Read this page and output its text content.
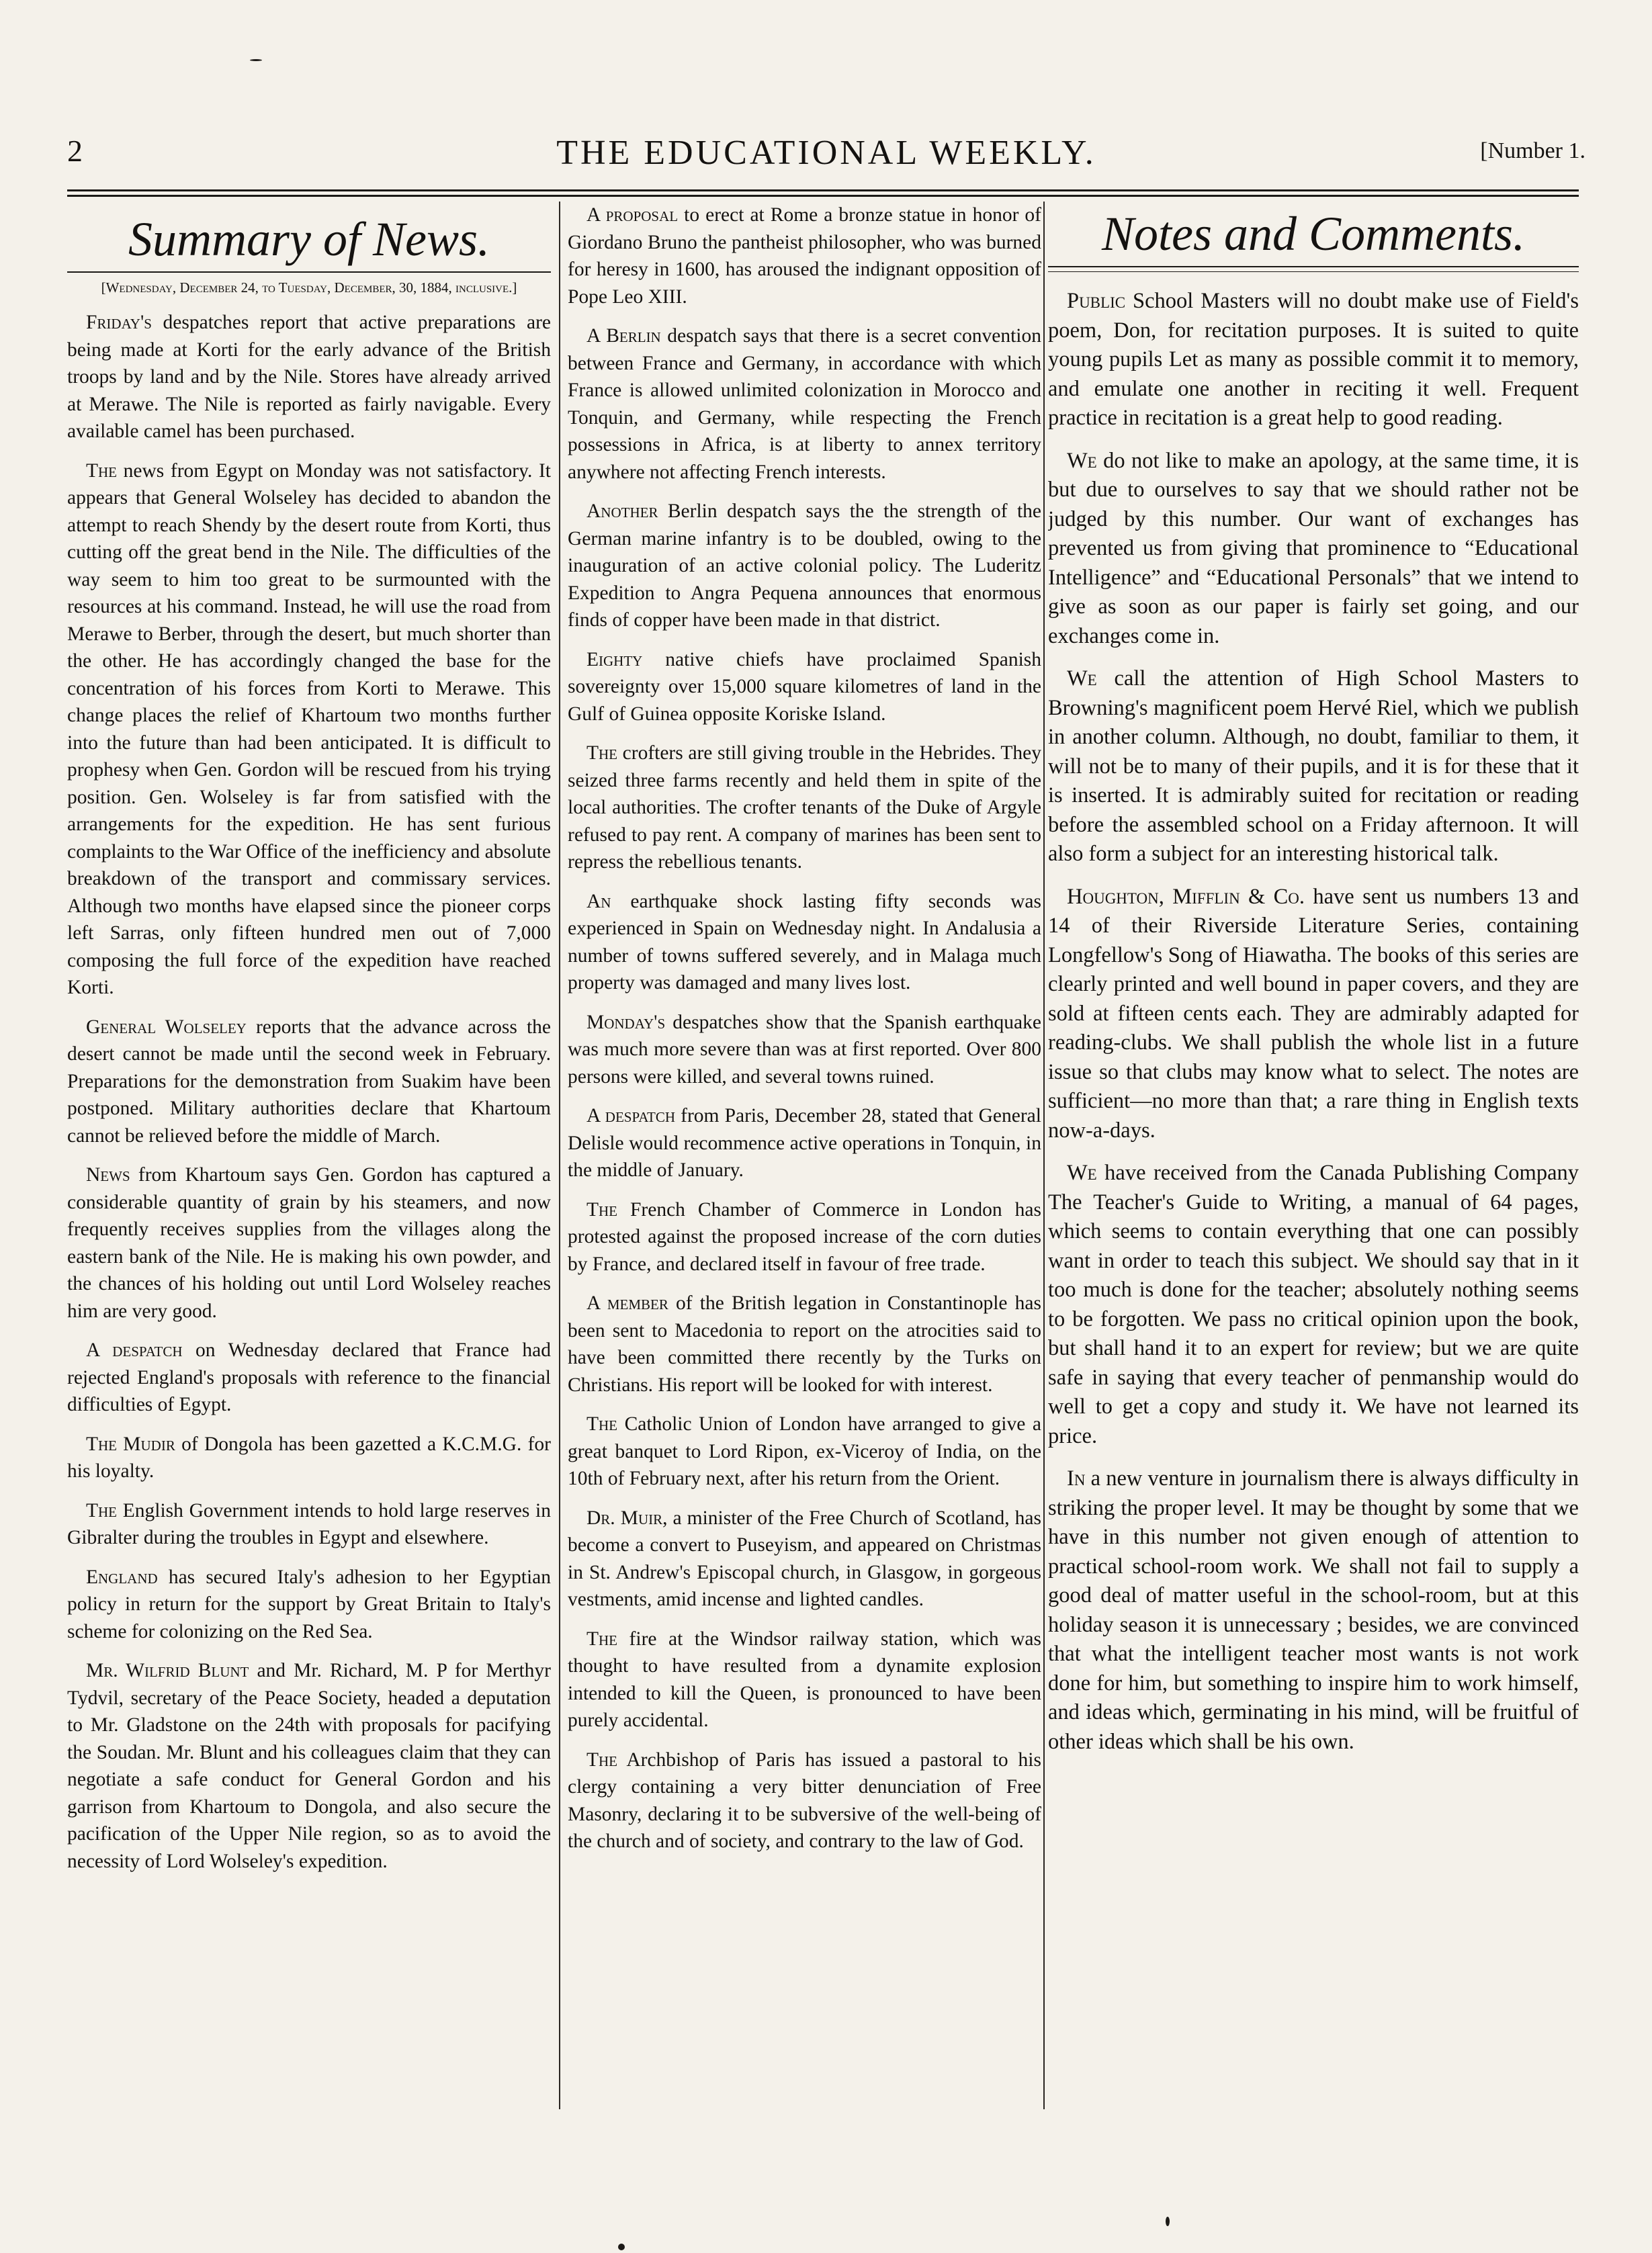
2	THE EDUCATIONAL WEEKLY.	[Number 1.
Summary of News.
[Wednesday, December 24, to Tuesday, December, 30, 1884, inclusive.]

Friday's despatches report that active preparations are being made at Korti for the early advance of the British troops by land and by the Nile. Stores have already arrived at Merawe. The Nile is reported as fairly navigable. Every available camel has been purchased.

The news from Egypt on Monday was not satisfactory. It appears that General Wolseley has decided to abandon the attempt to reach Shendy by the desert route from Korti, thus cutting off the great bend in the Nile. The difficulties of the way seem to him too great to be surmounted with the resources at his command. Instead, he will use the road from Merawe to Berber, through the desert, but much shorter than the other. He has accordingly changed the base for the concentration of his forces from Korti to Merawe. This change places the relief of Khartoum two months further into the future than had been anticipated. It is difficult to prophesy when Gen. Gordon will be rescued from his trying position. Gen. Wolseley is far from satisfied with the arrangements for the expedition. He has sent furious complaints to the War Office of the inefficiency and absolute breakdown of the transport and commissary services. Although two months have elapsed since the pioneer corps left Sarras, only fifteen hundred men out of 7,000 composing the full force of the expedition have reached Korti.

General Wolseley reports that the advance across the desert cannot be made until the second week in February. Preparations for the demonstration from Suakim have been postponed. Military authorities declare that Khartoum cannot be relieved before the middle of March.

News from Khartoum says Gen. Gordon has captured a considerable quantity of grain by his steamers, and now frequently receives supplies from the villages along the eastern bank of the Nile. He is making his own powder, and the chances of his holding out until Lord Wolseley reaches him are very good.

A despatch on Wednesday declared that France had rejected England's proposals with reference to the financial difficulties of Egypt.

The Mudir of Dongola has been gazetted a K.C.M.G. for his loyalty.

The English Government intends to hold large reserves in Gibralter during the troubles in Egypt and elsewhere.

England has secured Italy's adhesion to her Egyptian policy in return for the support by Great Britain to Italy's scheme for colonizing on the Red Sea.

Mr. Wilfrid Blunt and Mr. Richard, M. P for Merthyr Tydvil, secretary of the Peace Society, headed a deputation to Mr. Gladstone on the 24th with proposals for pacifying the Soudan. Mr. Blunt and his colleagues claim that they can negotiate a safe conduct for General Gordon and his garrison from Khartoum to Dongola, and also secure the pacification of the Upper Nile region, so as to avoid the necessity of Lord Wolseley's expedition.

A proposal to erect at Rome a bronze statue in honor of Giordano Bruno the pantheist philosopher, who was burned for heresy in 1600, has aroused the indignant opposition of Pope Leo XIII.

A Berlin despatch says that there is a secret convention between France and Germany, in accordance with which France is allowed unlimited colonization in Morocco and Tonquin, and Germany, while respecting the French possessions in Africa, is at liberty to annex territory anywhere not affecting French interests.

Another Berlin despatch says the the strength of the German marine infantry is to be doubled, owing to the inauguration of an active colonial policy. The Luderitz Expedition to Angra Pequena announces that enormous finds of copper have been made in that district.

Eighty native chiefs have proclaimed Spanish sovereignty over 15,000 square kilometres of land in the Gulf of Guinea opposite Koriske Island.

The crofters are still giving trouble in the Hebrides. They seized three farms recently and held them in spite of the local authorities. The crofter tenants of the Duke of Argyle refused to pay rent. A company of marines has been sent to repress the rebellious tenants.

An earthquake shock lasting fifty seconds was experienced in Spain on Wednesday night. In Andalusia a number of towns suffered severely, and in Malaga much property was damaged and many lives lost.

Monday's despatches show that the Spanish earthquake was much more severe than was at first reported. Over 800 persons were killed, and several towns ruined.

A despatch from Paris, December 28, stated that General Delisle would recommence active operations in Tonquin, in the middle of January.

The French Chamber of Commerce in London has protested against the proposed increase of the corn duties by France, and declared itself in favour of free trade.

A member of the British legation in Constantinople has been sent to Macedonia to report on the atrocities said to have been committed there recently by the Turks on Christians. His report will be looked for with interest.

The Catholic Union of London have arranged to give a great banquet to Lord Ripon, ex-Viceroy of India, on the 10th of February next, after his return from the Orient.

Dr. Muir, a minister of the Free Church of Scotland, has become a convert to Puseyism, and appeared on Christmas in St. Andrew's Episcopal church, in Glasgow, in gorgeous vestments, amid incense and lighted candles.

The fire at the Windsor railway station, which was thought to have resulted from a dynamite explosion intended to kill the Queen, is pronounced to have been purely accidental.

The Archbishop of Paris has issued a pastoral to his clergy containing a very bitter denunciation of Free Masonry, declaring it to be subversive of the well-being of the church and of society, and contrary to the law of God.

Notes and Comments.

Public School Masters will no doubt make use of Field's poem, Don, for recitation purposes. It is suited to quite young pupils Let as many as possible commit it to memory, and emulate one another in reciting it well. Frequent practice in recitation is a great help to good reading.

We do not like to make an apology, at the same time, it is but due to ourselves to say that we should rather not be judged by this number. Our want of exchanges has prevented us from giving that prominence to “Educational Intelligence” and “Educational Personals” that we intend to give as soon as our paper is fairly set going, and our exchanges come in.

We call the attention of High School Masters to Browning's magnificent poem Hervé Riel, which we publish in another column. Although, no doubt, familiar to them, it will not be to many of their pupils, and it is for these that it is inserted. It is admirably suited for recitation or reading before the assembled school on a Friday afternoon. It will also form a subject for an interesting historical talk.

Houghton, Mifflin & Co. have sent us numbers 13 and 14 of their Riverside Literature Series, containing Longfellow's Song of Hiawatha. The books of this series are clearly printed and well bound in paper covers, and they are sold at fifteen cents each. They are admirably adapted for reading-clubs. We shall publish the whole list in a future issue so that clubs may know what to select. The notes are sufficient—no more than that; a rare thing in English texts now-a-days.

We have received from the Canada Publishing Company The Teacher's Guide to Writing, a manual of 64 pages, which seems to contain everything that one can possibly want in order to teach this subject. We should say that in it too much is done for the teacher; absolutely nothing seems to be forgotten. We pass no critical opinion upon the book, but shall hand it to an expert for review; but we are quite safe in saying that every teacher of penmanship would do well to get a copy and study it. We have not learned its price.

In a new venture in journalism there is always difficulty in striking the proper level. It may be thought by some that we have in this number not given enough of attention to practical school-room work. We shall not fail to supply a good deal of matter useful in the school-room, but at this holiday season it is unnecessary ; besides, we are convinced that what the intelligent teacher most wants is not work done for him, but something to inspire him to work himself, and ideas which, germinating in his mind, will be fruitful of other ideas which shall be his own.
